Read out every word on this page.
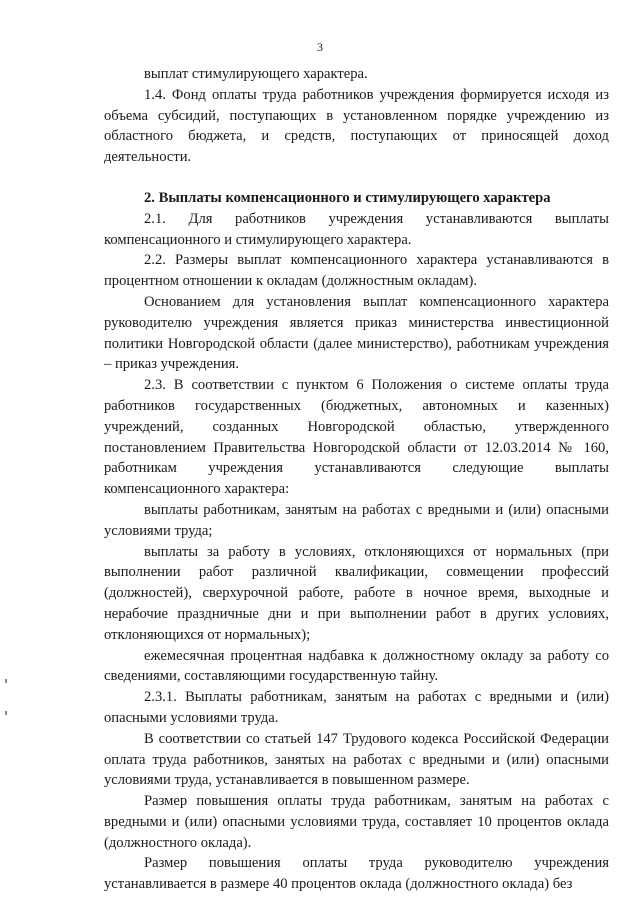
3

выплат стимулирующего характера.

1.4. Фонд оплаты труда работников учреждения формируется исходя из объема субсидий, поступающих в установленном порядке учреждению из областного бюджета, и средств, поступающих от приносящей доход деятельности.

2. Выплаты компенсационного и стимулирующего характера

2.1. Для работников учреждения устанавливаются выплаты компенсационного и стимулирующего характера.

2.2. Размеры выплат компенсационного характера устанавливаются в процентном отношении к окладам (должностным окладам).

Основанием для установления выплат компенсационного характера руководителю учреждения является приказ министерства инвестиционной политики Новгородской области (далее министерство), работникам учреждения – приказ учреждения.

2.3. В соответствии с пунктом 6 Положения о системе оплаты труда работников государственных (бюджетных, автономных и казенных) учреждений, созданных Новгородской областью, утвержденного постановлением Правительства Новгородской области от 12.03.2014 № 160, работникам учреждения устанавливаются следующие выплаты компенсационного характера:

выплаты работникам, занятым на работах с вредными и (или) опасными условиями труда;

выплаты за работу в условиях, отклоняющихся от нормальных (при выполнении работ различной квалификации, совмещении профессий (должностей), сверхурочной работе, работе в ночное время, выходные и нерабочие праздничные дни и при выполнении работ в других условиях, отклоняющихся от нормальных);

ежемесячная процентная надбавка к должностному окладу за работу со сведениями, составляющими государственную тайну.

2.3.1. Выплаты работникам, занятым на работах с вредными и (или) опасными условиями труда.

В соответствии со статьей 147 Трудового кодекса Российской Федерации оплата труда работников, занятых на работах с вредными и (или) опасными условиями труда, устанавливается в повышенном размере.

Размер повышения оплаты труда работникам, занятым на работах с вредными и (или) опасными условиями труда, составляет 10 процентов оклада (должностного оклада).

Размер повышения оплаты труда руководителю учреждения устанавливается в размере 40 процентов оклада (должностного оклада) без
